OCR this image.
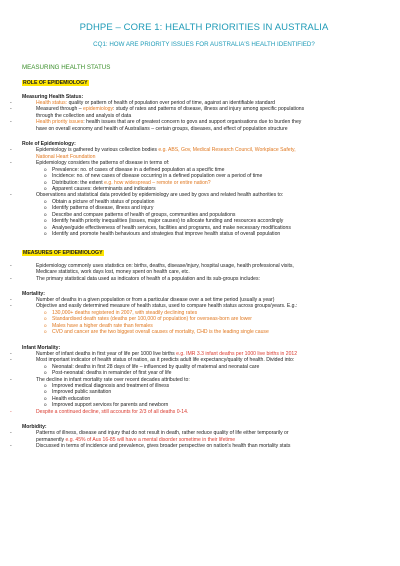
PDHPE – CORE 1: HEALTH PRIORITIES IN AUSTRALIA
CQ1: HOW ARE PRIORITY ISSUES FOR AUSTRALIA'S HEALTH IDENTIFIED?
MEASURING HEALTH STATUS
ROLE OF EPIDEMIOLOGY
Measuring Health Status:
- Health status: quality or pattern of health of population over period of time, against an identifiable standard
- Measured through – epidemiology: study of rates and patterns of disease, illness and injury among specific populations
through the collection and analysis of data
- Health priority issues: health issues that are of greatest concern to govs and support organisations due to burden they
have on overall economy and health of Australians – certain groups, diseases, and effect of population structure
Role of Epidemiology:
- Epidemiology is gathered by various collection bodies e.g. ABS, Gov, Medical Research Council, Workplace Safety,
National Heart Foundation
- Epidemiology considers the patterns of disease in terms of:
o Prevalence: no. of cases of disease in a defined population at a specific time
o Incidence: no. of new cases of disease occurring in a defined population over a period of time
o Distribution: the extent e.g. how widespread – remote or entire nation?
o Apparent causes: determinants and indicators
- Observations and statistical data provided by epidemiology are used by govs and related health authorities to:
o Obtain a picture of health status of population
o Identify patterns of disease, illness and injury
o Describe and compare patterns of health of groups, communities and populations
o Identify health priority inequalities (issues, major causes) to allocate funding and resources accordingly
o Analyse/guide effectiveness of health services, facilities and programs, and make necessary modifications
o Identify and promote health behaviours and strategies that improve health status of overall population
MEASURES OF EPIDEMIOLOGY
- Epidemiology commonly uses statistics on: births, deaths, disease/injury, hospital usage, health professional visits,
Medicare statistics, work days lost, money spent on health care, etc.
- The primary statistical data used as indicators of health of a population and its sub-groups includes:
Mortality:
- Number of deaths in a given population or from a particular disease over a set time period (usually a year)
- Objective and easily determined measure of health status, used to compare health status across groups/years. E.g.:
o 130,000+ deaths registered in 2007, with steadily declining rates
o Standardised death rates (deaths per 100,000 of population) for overseas-born are lower
o Males have a higher death rate than females
o CVD and cancer are the two biggest overall causes of mortality, CHD is the leading single cause
Infant Mortality:
- Number of infant deaths in first year of life per 1000 live births e.g. IMR 3.3 infant deaths per 1000 live births in 2012
- Most important indicator of health status of nation, as it predicts adult life expectancy/quality of health. Divided into:
o Neonatal: deaths in first 28 days of life – influenced by quality of maternal and neonatal care
o Post-neonatal: deaths in remainder of first year of life
- The decline in infant mortality rate over recent decades attributed to:
o Improved medical diagnosis and treatment of illness
o Improved public sanitation
o Health education
o Improved support services for parents and newborn
- Despite a continued decline, still accounts for 2/3 of all deaths 0-14.
Morbidity:
- Patterns of illness, disease and injury that do not result in death, rather reduce quality of life either temporarily or
permanently e.g. 45% of Aus 16-85 will have a mental disorder sometime in their lifetime
- Discussed in terms of incidence and prevalence, gives broader perspective on nation's health than mortality stats
